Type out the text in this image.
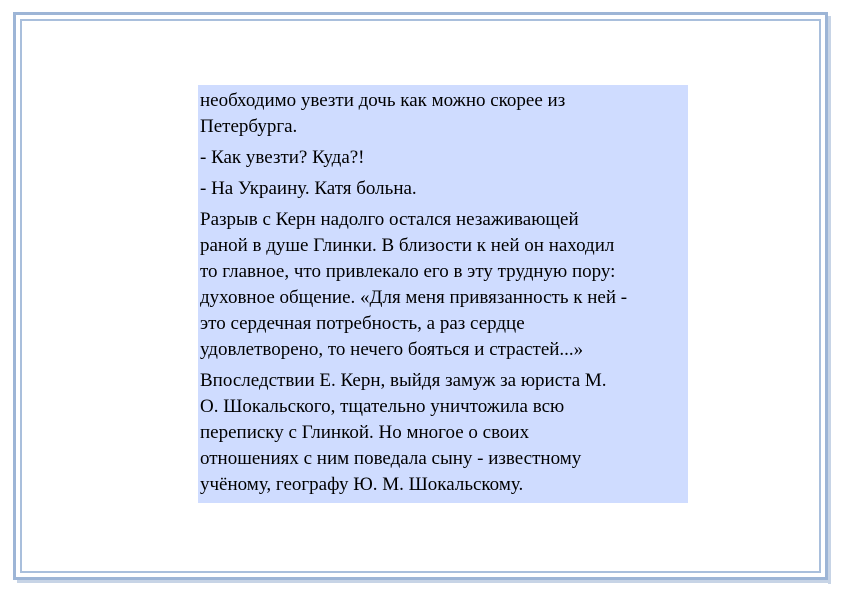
необходимо увезти дочь как можно скорее из
Петербурга.

- Как увезти? Куда?!

- На Украину. Катя больна.

Разрыв с Керн надолго остался незаживающей
раной в душе Глинки. В близости к ней он находил
то главное, что привлекало его в эту трудную пору:
духовное общение. «Для меня привязанность к ней -
это сердечная потребность, а раз сердце
удовлетворено, то нечего бояться и страстей...»

Впоследствии Е. Керн, выйдя замуж за юриста М.
О. Шокальского, тщательно уничтожила всю
переписку с Глинкой. Но многое о своих
отношениях с ним поведала сыну - известному
учёному, географу Ю. М. Шокальскому.
